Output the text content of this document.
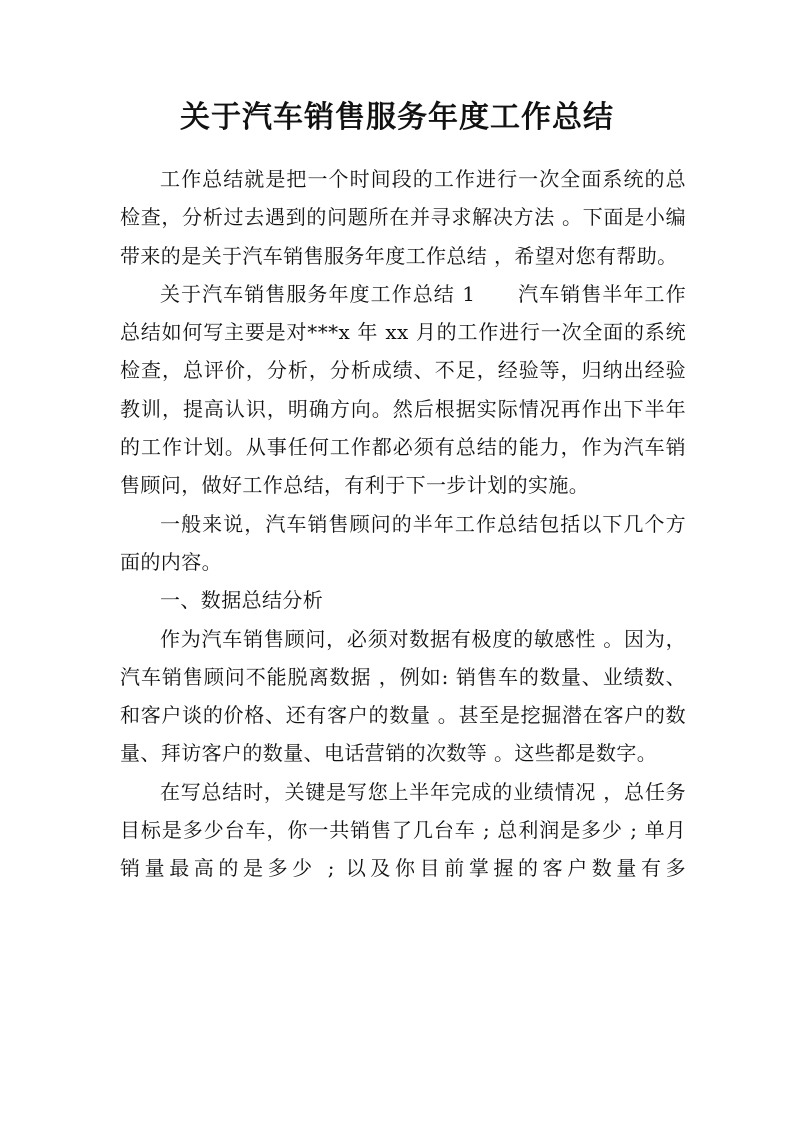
关于汽车销售服务年度工作总结

工作总结就是把一个时间段的工作进行一次全面系统的总检查，分析过去遇到的问题所在并寻求解决方法 。下面是小编带来的是关于汽车销售服务年度工作总结 ，希望对您有帮助。

关于汽车销售服务年度工作总结 1　　汽车销售半年工作总结如何写主要是对***x 年 xx 月的工作进行一次全面的系统检查，总评价，分析，分析成绩、不足，经验等，归纳出经验教训，提高认识，明确方向。然后根据实际情况再作出下半年的工作计划。从事任何工作都必须有总结的能力，作为汽车销售顾问，做好工作总结，有利于下一步计划的实施。

一般来说，汽车销售顾问的半年工作总结包括以下几个方面的内容。

一、数据总结分析

作为汽车销售顾问，必须对数据有极度的敏感性 。因为，汽车销售顾问不能脱离数据 ，例如: 销售车的数量、业绩数、和客户谈的价格、还有客户的数量 。甚至是挖掘潜在客户的数量、拜访客户的数量、电话营销的次数等 。这些都是数字。

在写总结时，关键是写您上半年完成的业绩情况 ，总任务目标是多少台车，你一共销售了几台车 ; 总利润是多少 ; 单月销量最高的是多少 ; 以及你目前掌握的客户数量有多
